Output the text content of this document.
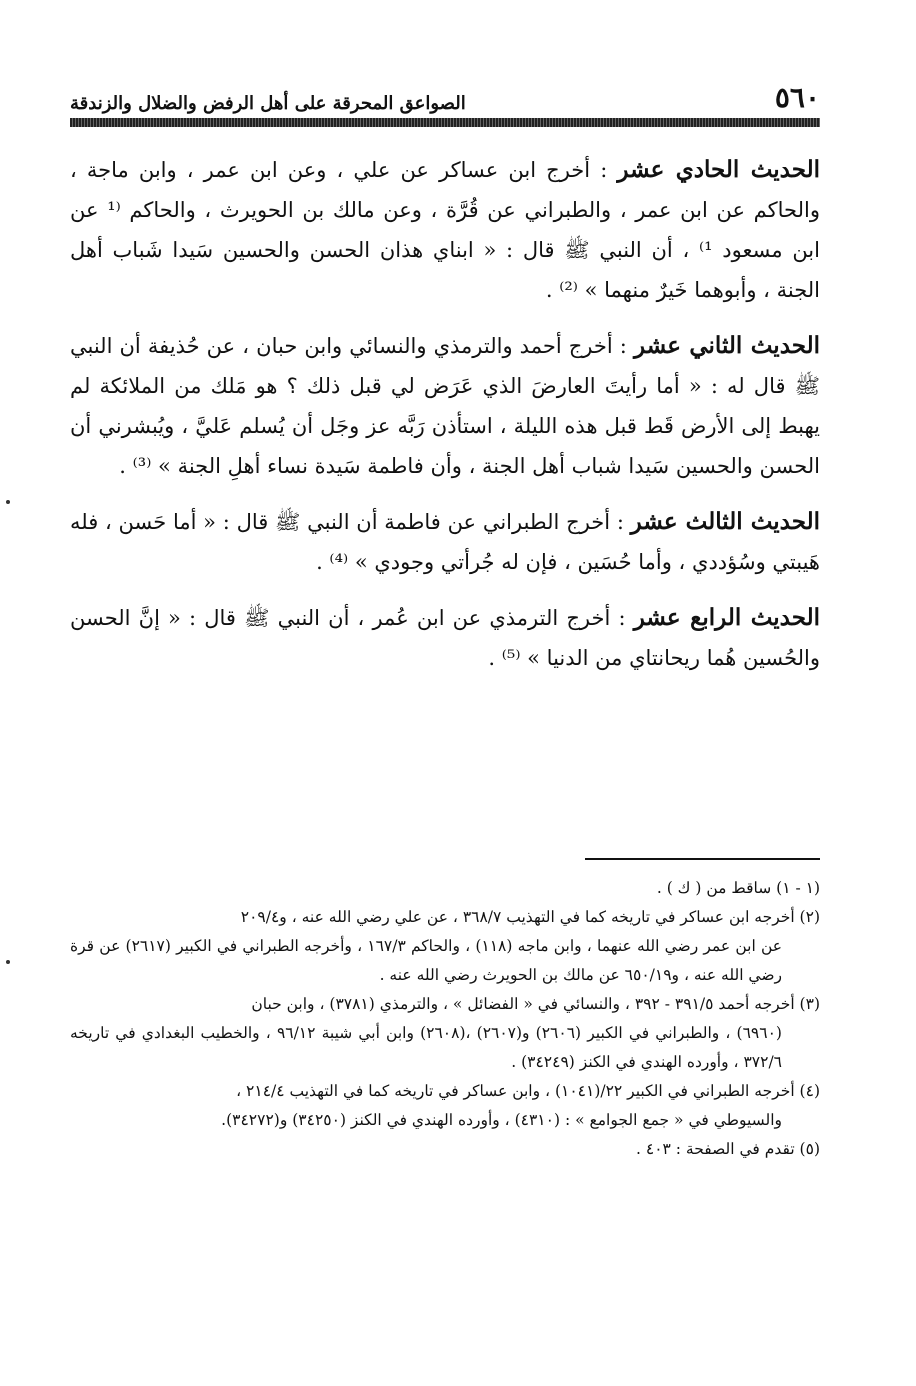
٥٦٠
الصواعق المحرقة على أهل الرفض والضلال والزندقة

الحديث الحادي عشر : أخرج ابن عساكر عن علي ، وعن ابن عمر ، وابن ماجة ، والحاكم عن ابن عمر ، والطبراني عن قُرَّة ، وعن مالك بن الحويرث ، والحاكم ⁽¹ عن ابن مسعود ¹⁾ ، أن النبي ﷺ قال : « ابناي هذان الحسن والحسين سَيدا شَباب أهل الجنة ، وأبوهما خَيرٌ منهما » ⁽²⁾ .

الحديث الثاني عشر : أخرج أحمد والترمذي والنسائي وابن حبان ، عن حُذيفة أن النبي ﷺ قال له : « أما رأيتَ العارضَ الذي عَرَض لي قبل ذلك ؟ هو مَلك من الملائكة لم يهبط إلى الأرض قَط قبل هذه الليلة ، استأذن رَبَّه عز وجَل أن يُسلم عَليَّ ، ويُبشرني أن الحسن والحسين سَيدا شباب أهل الجنة ، وأن فاطمة سَيدة نساء أهلِ الجنة » ⁽³⁾ .

الحديث الثالث عشر : أخرج الطبراني عن فاطمة أن النبي ﷺ قال : « أما حَسن ، فله هَيبتي وسُؤددي ، وأما حُسَين ، فإن له جُرأتي وجودي » ⁽⁴⁾ .

الحديث الرابع عشر : أخرج الترمذي عن ابن عُمر ، أن النبي ﷺ قال : « إنَّ الحسن والحُسين هُما ريحانتاي من الدنيا » ⁽⁵⁾ .

(١ - ١) ساقط من ( ك ) .

(٢) أخرجه ابن عساكر في تاريخه كما في التهذيب ٣٦٨/٧ ، عن علي رضي الله عنه ، و٢٠٩/٤

عن ابن عمر رضي الله عنهما ، وابن ماجه (١١٨) ، والحاكم ١٦٧/٣ ، وأخرجه الطبراني في الكبير (٢٦١٧) عن قرة رضي الله عنه ، و٦٥٠/١٩ عن مالك بن الحويرث رضي الله عنه .

(٣) أخرجه أحمد ٣٩١/٥ - ٣٩٢ ، والنسائي في « الفضائل » ، والترمذي (٣٧٨١) ، وابن حبان

(٦٩٦٠) ، والطبراني في الكبير (٢٦٠٦) و(٢٦٠٧) ،(٢٦٠٨) وابن أبي شيبة ٩٦/١٢ ، والخطيب البغدادي في تاريخه ٣٧٢/٦ ، وأورده الهندي في الكنز (٣٤٢٤٩) .

(٤) أخرجه الطبراني في الكبير ٢٢/(١٠٤١) ، وابن عساكر في تاريخه كما في التهذيب ٢١٤/٤ ،

والسيوطي في « جمع الجوامع » : (٤٣١٠) ، وأورده الهندي في الكنز (٣٤٢٥٠) و(٣٤٢٧٢).

(٥) تقدم في الصفحة : ٤٠٣ .
